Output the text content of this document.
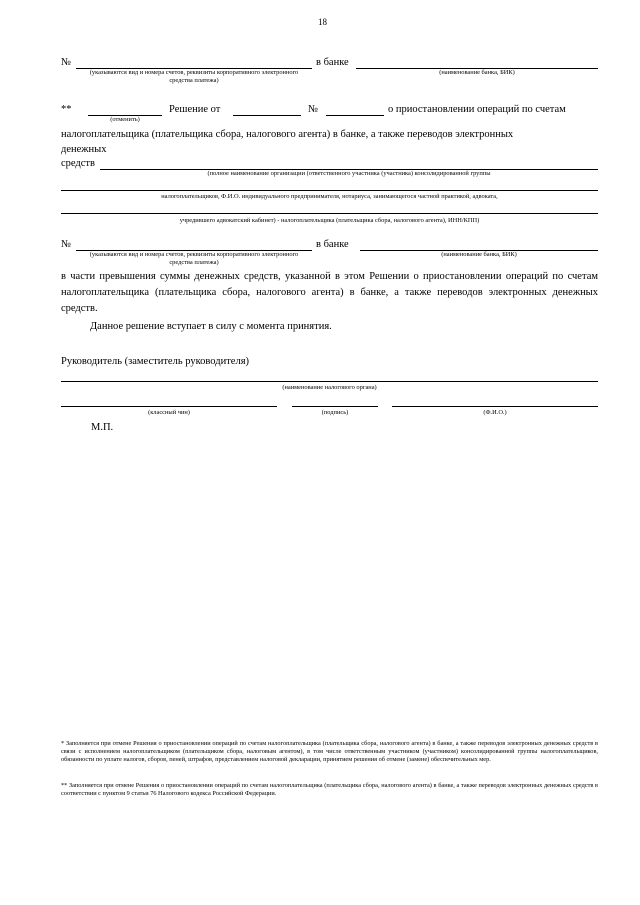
18
№	в банке
(указываются вид и номера счетов, реквизиты корпоративного электронного средства платежа)
(наименование банка, БИК)
**
(отменить)
Решение от	№	о приостановлении операций по счетам
налогоплательщика (плательщика сбора, налогового агента) в банке, а также переводов электронных
денежных
средств
(полное наименование организации (ответственного участника (участника) консолидированной группы
налогоплательщиков, Ф.И.О. индивидуального предпринимателя, нотариуса, занимающегося частной практикой, адвоката,
учредившего адвокатский кабинет) - налогоплательщика (плательщика сбора, налогового агента), ИНН/КПП)
№	в банке
(указываются вид и номера счетов, реквизиты корпоративного электронного средства платежа)
(наименование банка, БИК)
в части превышения суммы денежных средств, указанной в этом Решении о приостановлении операций по счетам налогоплательщика (плательщика сбора, налогового агента) в банке, а также переводов электронных денежных средств.
Данное решение вступает в силу с момента принятия.
Руководитель (заместитель руководителя)
(наименование налогового органа)
(классный чин)	(подпись)	(Ф.И.О.)
М.П.
* Заполняется при отмене Решения о приостановлении операций по счетам налогоплательщика (плательщика сбора, налогового агента) в банке, а также переводов электронных денежных средств в связи с исполнением налогоплательщиком (плательщиком сбора, налоговым агентом), в том числе ответственным участником (участником) консолидированной группы налогоплательщиков, обязанности по уплате налогов, сборов, пеней, штрафов, представлением налоговой декларации, принятием решения об отмене (замене) обеспечительных мер.
** Заполняется при отмене Решения о приостановлении операций по счетам налогоплательщика (плательщика сбора, налогового агента) в банке, а также переводов электронных денежных средств в соответствии с пунктом 9 статьи 76 Налогового кодекса Российской Федерации.
